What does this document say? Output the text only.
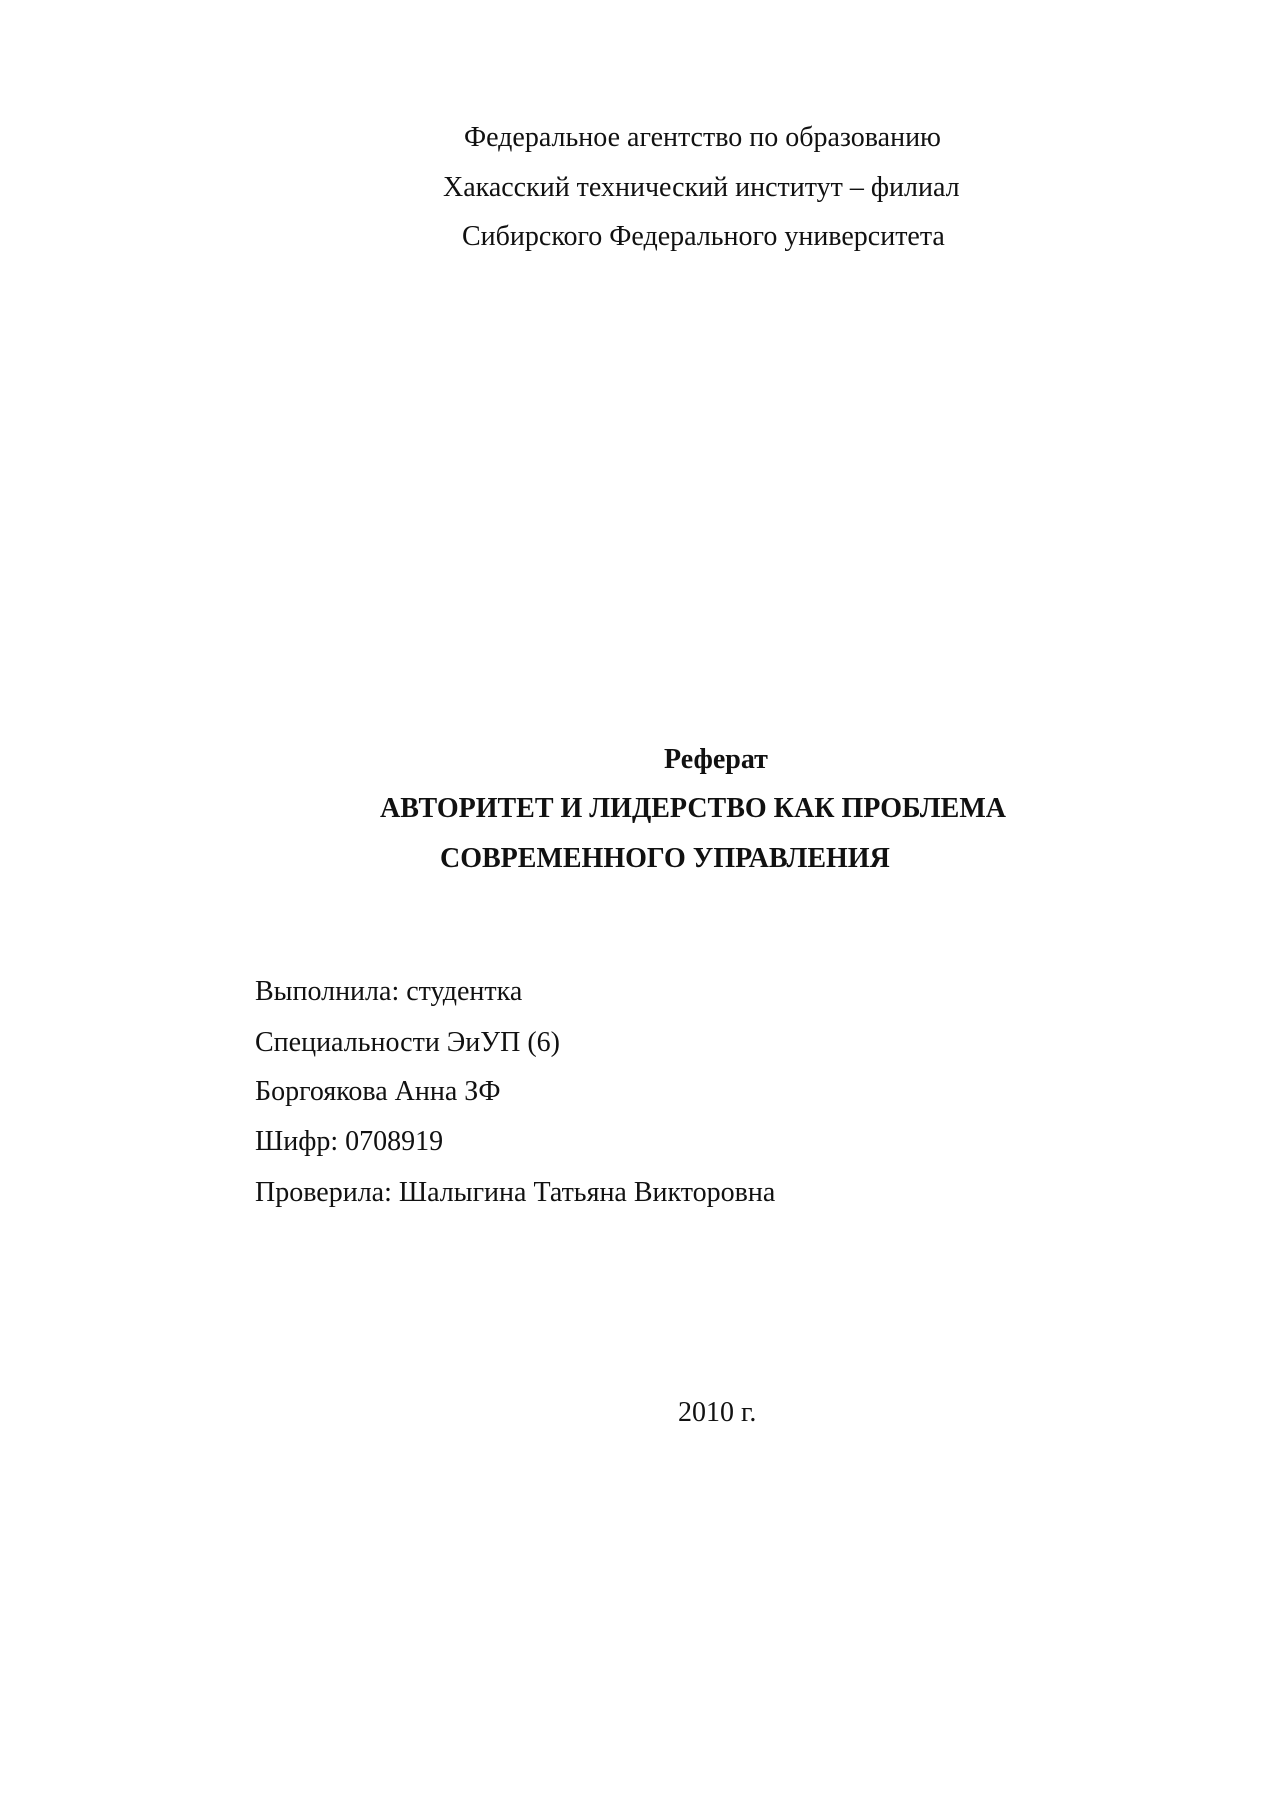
Федеральное агентство по образованию
Хакасский технический институт – филиал
Сибирского Федерального университета
Реферат
АВТОРИТЕТ И ЛИДЕРСТВО КАК ПРОБЛЕМА
СОВРЕМЕННОГО УПРАВЛЕНИЯ
Выполнила: студентка
Специальности ЭиУП (6)
Боргоякова Анна ЗФ
Шифр: 0708919
Проверила: Шалыгина Татьяна Викторовна
2010 г.
